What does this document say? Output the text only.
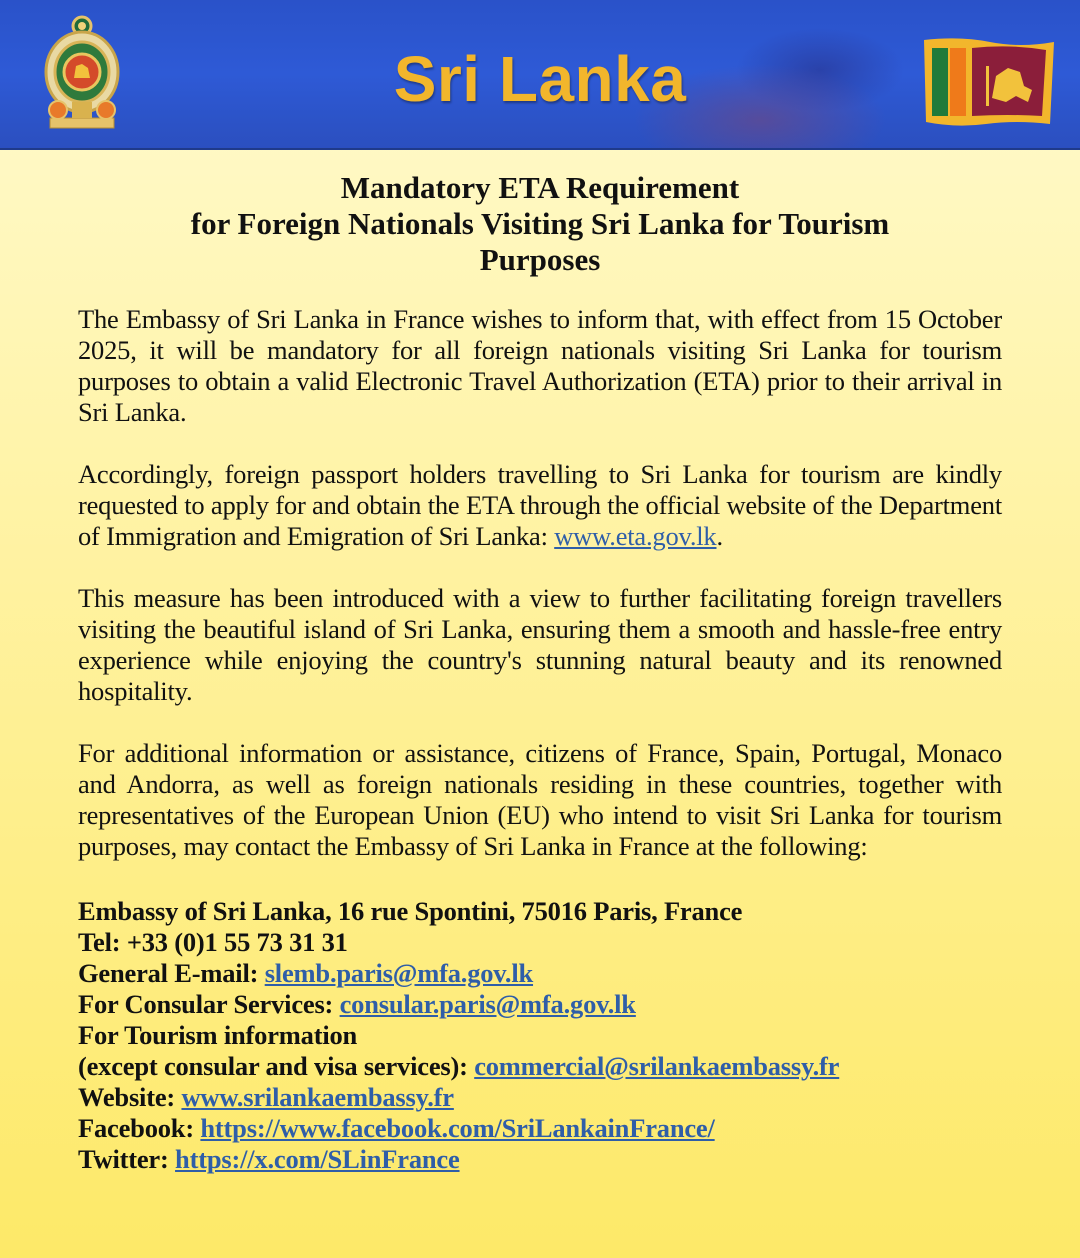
Sri Lanka
Mandatory ETA Requirement
for Foreign Nationals Visiting Sri Lanka for Tourism
Purposes

The Embassy of Sri Lanka in France wishes to inform that, with effect from 15 October 2025, it will be mandatory for all foreign nationals visiting Sri Lanka for tourism purposes to obtain a valid Electronic Travel Authorization (ETA) prior to their arrival in Sri Lanka.

Accordingly, foreign passport holders travelling to Sri Lanka for tourism are kindly requested to apply for and obtain the ETA through the official website of the Department of Immigration and Emigration of Sri Lanka: www.eta.gov.lk.

This measure has been introduced with a view to further facilitating foreign travellers visiting the beautiful island of Sri Lanka, ensuring them a smooth and hassle-free entry experience while enjoying the country's stunning natural beauty and its renowned hospitality.

For additional information or assistance, citizens of France, Spain, Portugal, Monaco and Andorra, as well as foreign nationals residing in these countries, together with representatives of the European Union (EU) who intend to visit Sri Lanka for tourism purposes, may contact the Embassy of Sri Lanka in France at the following:

Embassy of Sri Lanka, 16 rue Spontini, 75016 Paris, France
Tel: +33 (0)1 55 73 31 31
General E-mail: slemb.paris@mfa.gov.lk
For Consular Services: consular.paris@mfa.gov.lk
For Tourism information
(except consular and visa services): commercial@srilankaembassy.fr
Website: www.srilankaembassy.fr
Facebook: https://www.facebook.com/SriLankainFrance/
Twitter: https://x.com/SLinFrance
